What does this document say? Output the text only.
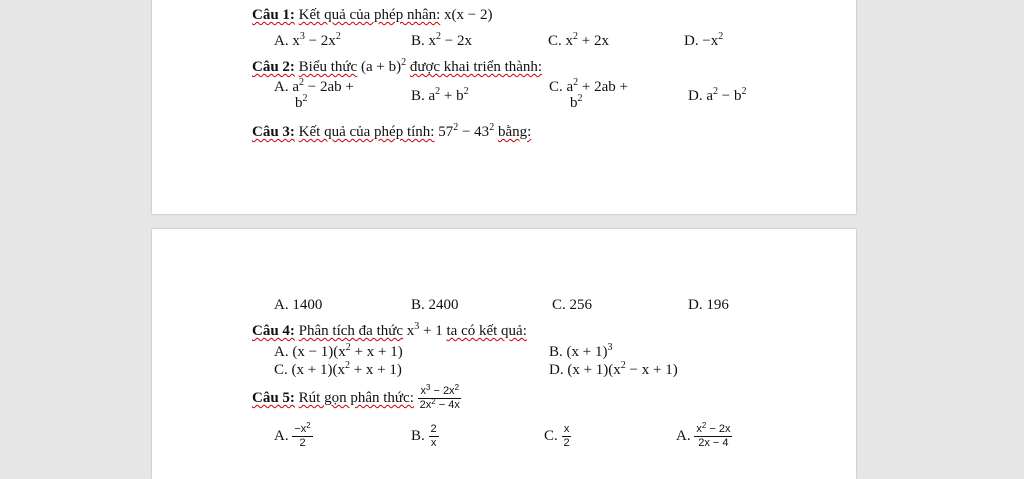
Câu 1: Kết quả của phép nhân: x(x − 2)
A. $x^3 - 2x^2$	B. $x^2 - 2x$	C. $x^2 + 2x$	D. $-x^2$
Câu 2: Biểu thức $(a + b)^2$ được khai triển thành:
A. $a^2 - 2ab$ +
$b^2$	B. $a^2 + b^2$	C. $a^2 + 2ab$ +
$b^2$	D. $a^2 - b^2$
Câu 3: Kết quả của phép tính: $57^2 - 43^2$ bằng:
A. 1400	B. 2400	C. 256	D. 196
Câu 4: Phân tích đa thức $x^3 + 1$ ta có kết quả:
A. $(x - 1)(x^2 + x + 1)$	B. $(x + 1)^3$
C. $(x + 1)(x^2 + x + 1)$	D. $(x + 1)(x^2 - x + 1)$
Câu 5: Rút gọn phân thức: $\frac{x^3 - 2x^2}{2x^2 - 4x}$
A. $\frac{-x^2}{2}$	B. $\frac{2}{x}$	C. $\frac{x}{2}$	A. $\frac{x^2 - 2x}{2x - 4}$
